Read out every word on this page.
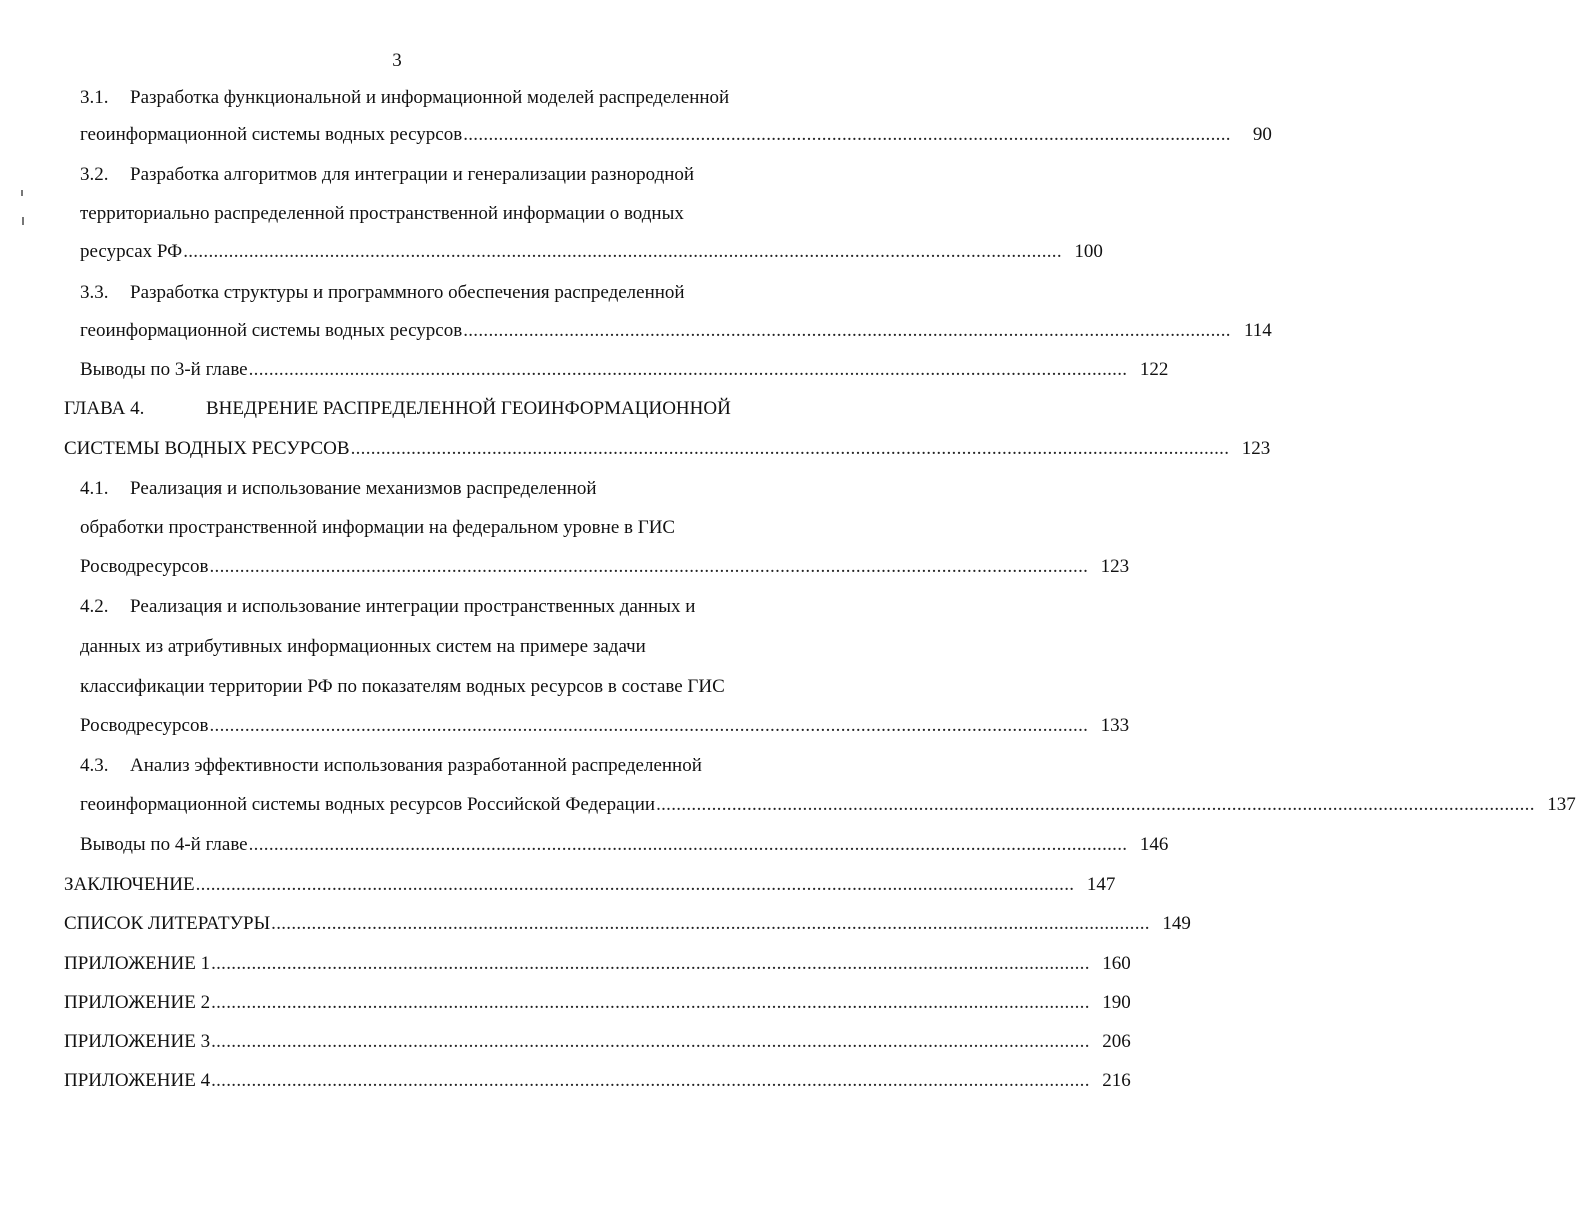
3
3.1. Разработка функциональной и информационной моделей распределенной
геоинформационной системы водных ресурсов ........................................................................................................................................................	90
3.2. Разработка алгоритмов для интеграции и генерализации разнородной
территориально распределенной пространственной информации о водных
ресурсах РФ .............................................................................................................................................................................. 100
3.3. Разработка структуры и программного обеспечения распределенной
геоинформационной системы водных ресурсов ........................................................................................................................................................ 114
Выводы по 3-й главе .............................................................................................................................................................................. 122
ГЛАВА 4.	ВНЕДРЕНИЕ РАСПРЕДЕЛЕННОЙ ГЕОИНФОРМАЦИОННОЙ
СИСТЕМЫ ВОДНЫХ РЕСУРСОВ .............................................................................................................................................................................. 123
4.1. Реализация и использование механизмов распределенной
обработки пространственной информации на федеральном уровне в ГИС
Росводресурсов .............................................................................................................................................................................. 123
4.2. Реализация и использование интеграции пространственных данных и
данных из атрибутивных информационных систем на примере задачи
классификации территории РФ по показателям водных ресурсов в составе ГИС
Росводресурсов .............................................................................................................................................................................. 133
4.3. Анализ эффективности использования разработанной распределенной
геоинформационной системы водных ресурсов Российской Федерации .............................................................................................................................................................................. 137
Выводы по 4-й главе .............................................................................................................................................................................. 146
ЗАКЛЮЧЕНИЕ .............................................................................................................................................................................. 147
СПИСОК ЛИТЕРАТУРЫ .............................................................................................................................................................................. 149
ПРИЛОЖЕНИЕ 1 .............................................................................................................................................................................. 160
ПРИЛОЖЕНИЕ 2 .............................................................................................................................................................................. 190
ПРИЛОЖЕНИЕ 3 .............................................................................................................................................................................. 206
ПРИЛОЖЕНИЕ 4 .............................................................................................................................................................................. 216
